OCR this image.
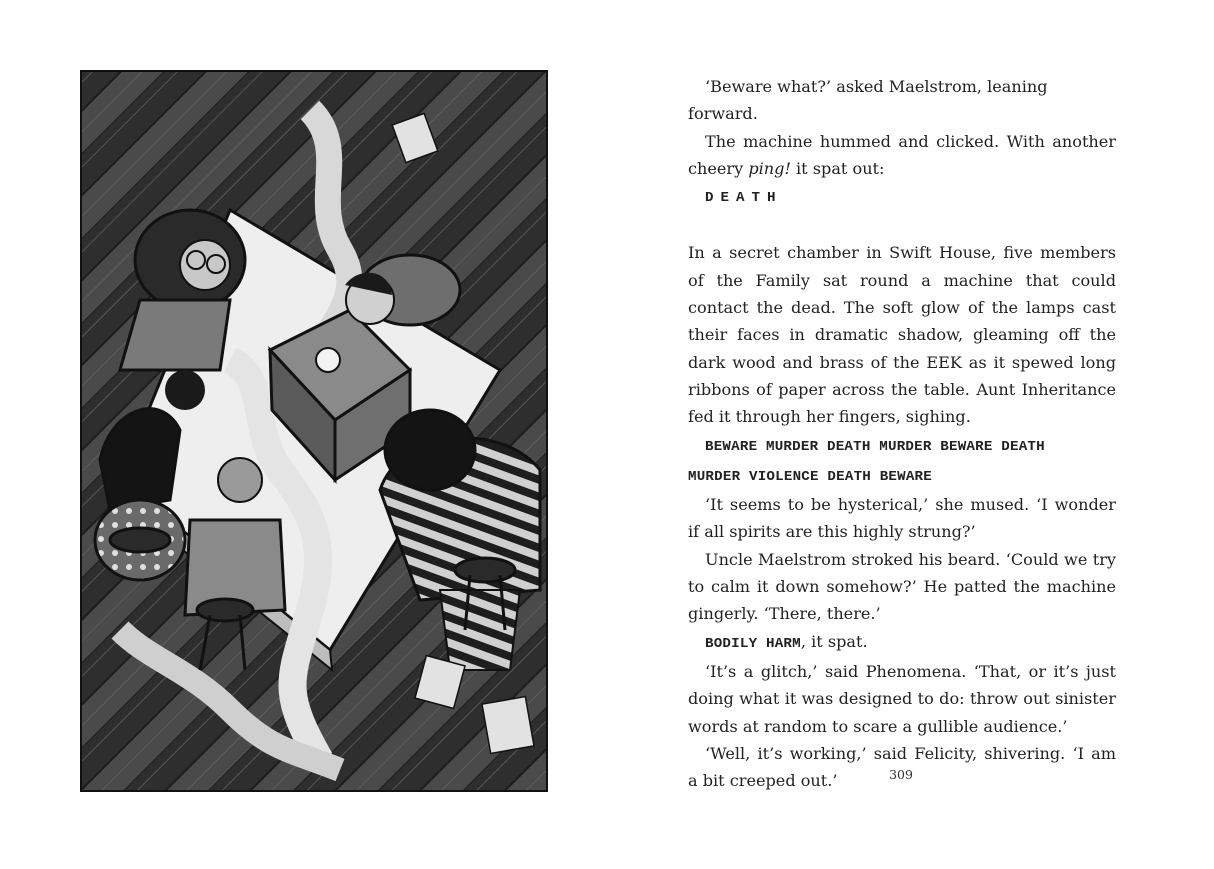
‘Beware what?’ asked Maelstrom, leaning forward.

The machine hummed and clicked. With another cheery ping! it spat out:

DEATH

In a secret chamber in Swift House, five members of the Family sat round a machine that could contact the dead. The soft glow of the lamps cast their faces in dramatic shadow, gleaming off the dark wood and brass of the EEK as it spewed long ribbons of paper across the table. Aunt Inheritance fed it through her fingers, sighing.

BEWARE MURDER DEATH MURDER BEWARE DEATH

MURDER VIOLENCE DEATH BEWARE

‘It seems to be hysterical,’ she mused. ‘I wonder if all spirits are this highly strung?’

Uncle Maelstrom stroked his beard. ‘Could we try to calm it down somehow?’ He patted the machine gingerly. ‘There, there.’

BODILY HARM, it spat.

‘It’s a glitch,’ said Phenomena. ‘That, or it’s just doing what it was designed to do: throw out sinister words at random to scare a gullible audience.’

‘Well, it’s working,’ said Felicity, shivering. ‘I am a bit creeped out.’	309
